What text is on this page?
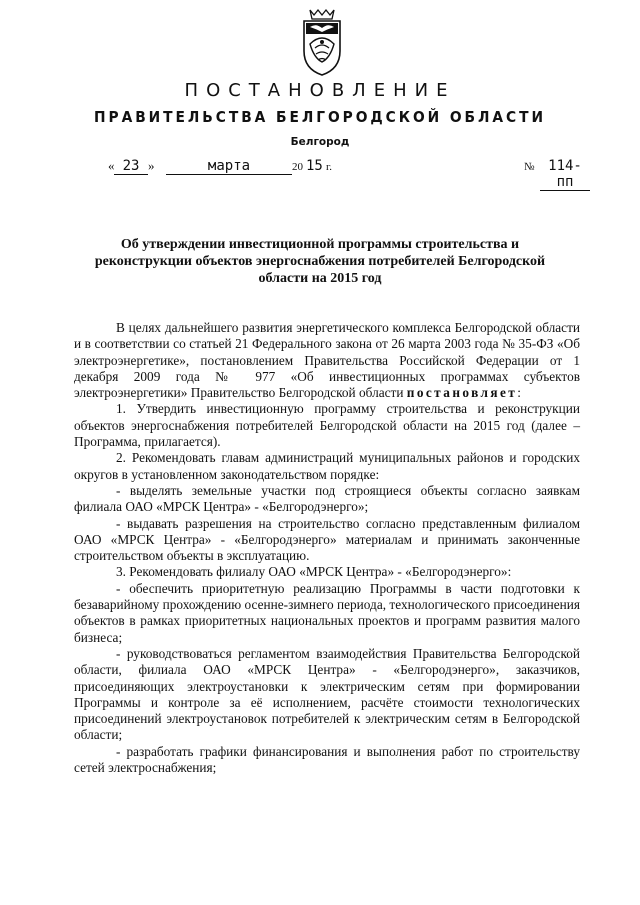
ПОСТАНОВЛЕНИЕ
ПРАВИТЕЛЬСТВА БЕЛГОРОДСКОЙ ОБЛАСТИ
Белгород
« 23 »	марта	20 15 г.	№ 114-пп
Об утверждении инвестиционной программы строительства и реконструкции объектов энергоснабжения потребителей Белгородской области на 2015 год

В целях дальнейшего развития энергетического комплекса Белгородской области и в соответствии со статьей 21 Федерального закона от 26 марта 2003 года № 35-ФЗ «Об электроэнергетике», постановлением Правительства Российской Федерации от 1 декабря 2009 года № 977 «Об инвестиционных программах субъектов электроэнергетики» Правительство Белгородской области постановляет:

1. Утвердить инвестиционную программу строительства и реконструкции объектов энергоснабжения потребителей Белгородской области на 2015 год (далее – Программа, прилагается).

2. Рекомендовать главам администраций муниципальных районов и городских округов в установленном законодательством порядке:

- выделять земельные участки под строящиеся объекты согласно заявкам филиала ОАО «МРСК Центра» - «Белгородэнерго»;

- выдавать разрешения на строительство согласно представленным филиалом ОАО «МРСК Центра» - «Белгородэнерго» материалам и принимать законченные строительством объекты в эксплуатацию.

3. Рекомендовать филиалу ОАО «МРСК Центра» - «Белгородэнерго»:

- обеспечить приоритетную реализацию Программы в части подготовки к безаварийному прохождению осенне-зимнего периода, технологического присоединения объектов в рамках приоритетных национальных проектов и программ развития малого бизнеса;

- руководствоваться регламентом взаимодействия Правительства Белгородской области, филиала ОАО «МРСК Центра» - «Белгородэнерго», заказчиков, присоединяющих электроустановки к электрическим сетям при формировании Программы и контроле за её исполнением, расчёте стоимости технологических присоединений электроустановок потребителей к электрическим сетям в Белгородской области;

- разработать графики финансирования и выполнения работ по строительству сетей электроснабжения;
